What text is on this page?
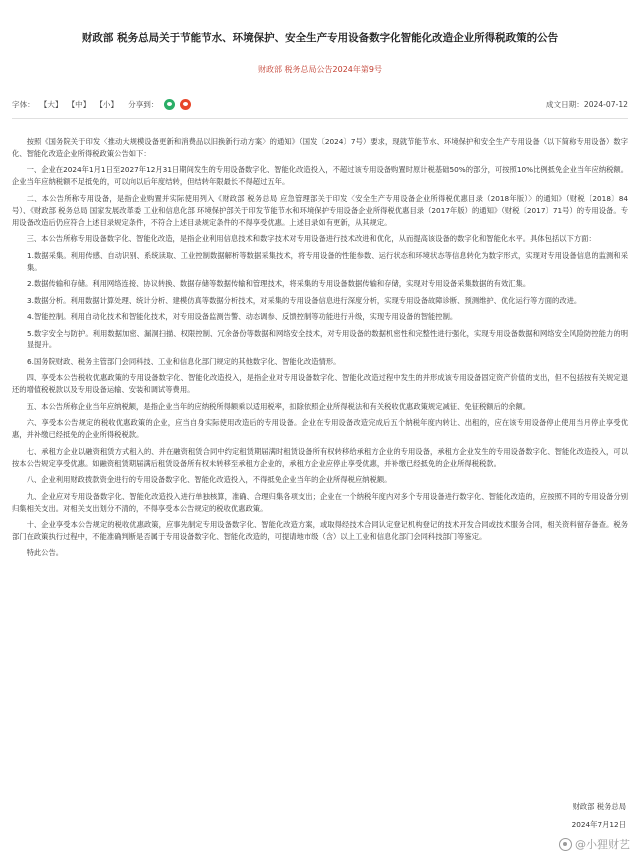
财政部 税务总局关于节能节水、环境保护、安全生产专用设备数字化智能化改造企业所得税政策的公告
财政部 税务总局公告2024年第9号
字体： 【大】 【中】 【小】 分享到：	成文日期：2024-07-12

按照《国务院关于印发〈推动大规模设备更新和消费品以旧换新行动方案〉的通知》（国发〔2024〕7号）要求，现就节能节水、环境保护和安全生产专用设备（以下简称专用设备）数字化、智能化改造企业所得税政策公告如下：

一、企业在2024年1月1日至2027年12月31日期间发生的专用设备数字化、智能化改造投入，不超过该专用设备购置时原计税基础50%的部分，可按照10%比例抵免企业当年应纳税额。企业当年应纳税额不足抵免的，可以向以后年度结转，但结转年限最长不得超过五年。

二、本公告所称专用设备，是指企业购置并实际使用列入《财政部 税务总局 应急管理部关于印发〈安全生产专用设备企业所得税优惠目录（2018年版）〉的通知》（财税〔2018〕84号）、《财政部 税务总局 国家发展改革委 工业和信息化部 环境保护部关于印发节能节水和环境保护专用设备企业所得税优惠目录（2017年版）的通知》（财税〔2017〕71号）的专用设备。专用设备改造后仍应符合上述目录规定条件，不符合上述目录规定条件的不得享受优惠。上述目录如有更新，从其规定。

三、本公告所称专用设备数字化、智能化改造，是指企业利用信息技术和数字技术对专用设备进行技术改进和优化，从而提高该设备的数字化和智能化水平。具体包括以下方面：

1.数据采集。利用传感、自动识别、系统读取、工业控制数据解析等数据采集技术，将专用设备的性能参数、运行状态和环境状态等信息转化为数字形式，实现对专用设备信息的监测和采集。

2.数据传输和存储。利用网络连接、协议转换、数据存储等数据传输和管理技术，将采集的专用设备数据传输和存储，实现对专用设备采集数据的有效汇集。

3.数据分析。利用数据计算处理、统计分析、建模仿真等数据分析技术，对采集的专用设备信息进行深度分析，实现专用设备故障诊断、预测维护、优化运行等方面的改进。

4.智能控制。利用自动化技术和智能化技术，对专用设备监测告警、动态调参、反馈控制等功能进行升级，实现专用设备的智能控制。

5.数字安全与防护。利用数据加密、漏洞扫描、权限控制、冗余备份等数据和网络安全技术，对专用设备的数据机密性和完整性进行强化，实现专用设备数据和网络安全风险防控能力的明显提升。

6.国务院财政、税务主管部门会同科技、工业和信息化部门规定的其他数字化、智能化改造情形。

四、享受本公告税收优惠政策的专用设备数字化、智能化改造投入，是指企业对专用设备数字化、智能化改造过程中发生的并形成该专用设备固定资产价值的支出，但不包括按有关规定退还的增值税税款以及专用设备运输、安装和调试等费用。

五、本公告所称企业当年应纳税额，是指企业当年的应纳税所得额乘以适用税率，扣除依照企业所得税法和有关税收优惠政策规定减征、免征税额后的余额。

六、享受本公告规定的税收优惠政策的企业，应当自身实际使用改造后的专用设备。企业在专用设备改造完成后五个纳税年度内转让、出租的，应在该专用设备停止使用当月停止享受优惠，并补缴已经抵免的企业所得税税款。

七、承租方企业以融资租赁方式租入的、并在融资租赁合同中约定租赁期届满时租赁设备所有权转移给承租方企业的专用设备，承租方企业发生的专用设备数字化、智能化改造投入，可以按本公告规定享受优惠。如融资租赁期届满后租赁设备所有权未转移至承租方企业的，承租方企业应停止享受优惠，并补缴已经抵免的企业所得税税款。

八、企业利用财政拨款资金进行的专用设备数字化、智能化改造投入，不得抵免企业当年的企业所得税应纳税额。

九、企业应对专用设备数字化、智能化改造投入进行单独核算，准确、合理归集各项支出；企业在一个纳税年度内对多个专用设备进行数字化、智能化改造的，应按照不同的专用设备分别归集相关支出。对相关支出划分不清的，不得享受本公告规定的税收优惠政策。

十、企业享受本公告规定的税收优惠政策，应事先制定专用设备数字化、智能化改造方案，或取得经技术合同认定登记机构登记的技术开发合同或技术服务合同，相关资料留存备查。税务部门在政策执行过程中，不能准确判断是否属于专用设备数字化、智能化改造的，可提请地市级（含）以上工业和信息化部门会同科技部门等鉴定。

特此公告。

财政部 税务总局
2024年7月12日
@小狸财艺
